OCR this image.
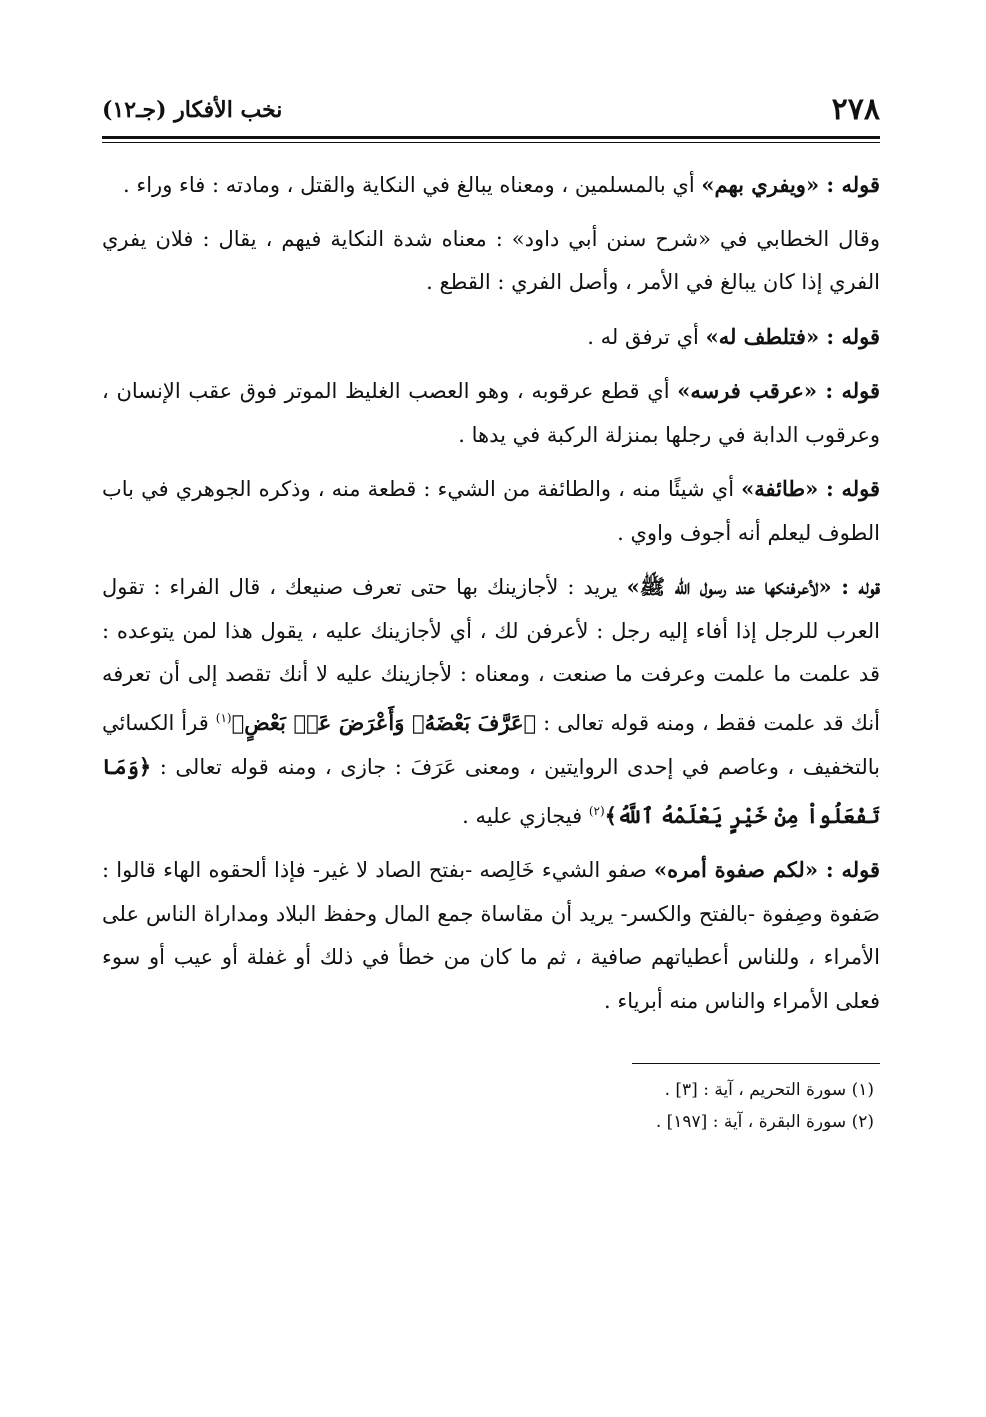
٢٧٨
نخب الأفكار (جـ١٢)

قوله : «ويفري بهم» أي بالمسلمين ، ومعناه يبالغ في النكاية والقتل ، ومادته : فاء وراء .

وقال الخطابي في «شرح سنن أبي داود» : معناه شدة النكاية فيهم ، يقال : فلان يفري الفري إذا كان يبالغ في الأمر ، وأصل الفري : القطع .

قوله : «فتلطف له» أي ترفق له .

قوله : «عرقب فرسه» أي قطع عرقوبه ، وهو العصب الغليظ الموتر فوق عقب الإنسان ، وعرقوب الدابة في رجلها بمنزلة الركبة في يدها .

قوله : «طائفة» أي شيئًا منه ، والطائفة من الشيء : قطعة منه ، وذكره الجوهري في باب الطوف ليعلم أنه أجوف واوي .

قوله : «لأعرفنكها عند رسول الله ﷺ» يريد : لأجازينك بها حتى تعرف صنيعك ، قال الفراء : تقول العرب للرجل إذا أفاء إليه رجل : لأعرفن لك ، أي لأجازينك عليه ، يقول هذا لمن يتوعده : قد علمت ما علمت وعرفت ما صنعت ، ومعناه : لأجازينك عليه لا أنك تقصد إلى أن تعرفه أنك قد علمت فقط ، ومنه قوله تعالى : ﴿عَرَّفَ بَعْضَهُۥ وَأَعْرَضَ عَنۢ بَعْضٍ﴾$^{(١)}$ قرأ الكسائي بالتخفيف ، وعاصم في إحدى الروايتين ، ومعنى عَرَفَ : جازى ، ومنه قوله تعالى : ﴿وَمَا تَفْعَلُواْ مِنْ خَيْرٍ يَعْلَمْهُ ٱللَّهُ﴾$^{(٢)}$ فيجازي عليه .

قوله : «لكم صفوة أمره» صفو الشيء خَالِصه -بفتح الصاد لا غير- فإذا ألحقوه الهاء قالوا : صَفوة وصِفوة -بالفتح والكسر- يريد أن مقاساة جمع المال وحفظ البلاد ومداراة الناس على الأمراء ، وللناس أعطياتهم صافية ، ثم ما كان من خطأ في ذلك أو غفلة أو عيب أو سوء فعلى الأمراء والناس منه أبرياء .

(١) سورة التحريم ، آية : [٣] .
(٢) سورة البقرة ، آية : [١٩٧] .
